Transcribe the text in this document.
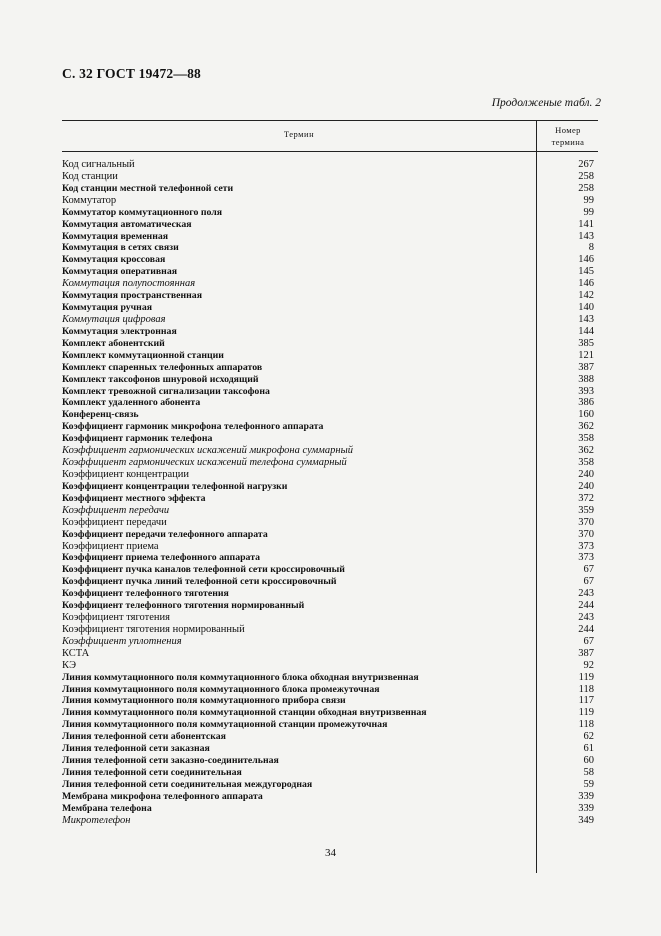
С. 32 ГОСТ 19472—88
Продолженые табл. 2
Термин	Номер
термина
Код сигнальный	267
Код станции	258
Код станции местной телефонной сети	258
Коммутатор	99
Коммутатор коммутационного поля	99
Коммутация автоматическая	141
Коммутация временная	143
Коммутация в сетях связи	8
Коммутация кроссовая	146
Коммутация оперативная	145
Коммутация полупостоянная	146
Коммутация пространственная	142
Коммутация ручная	140
Коммутация цифровая	143
Коммутация электронная	144
Комплект абонентский	385
Комплект коммутационной станции	121
Комплект спаренных телефонных аппаратов	387
Комплект таксофонов шнуровой исходящий	388
Комплект тревожной сигнализации таксофона	393
Комплект удаленного абонента	386
Конференц-связь	160
Коэффициент гармоник микрофона телефонного аппарата	362
Коэффициент гармоник телефона	358
Коэффициент гармонических искажений микрофона суммарный	362
Коэффициент гармонических искажений телефона суммарный	358
Коэффициент концентрации	240
Коэффициент концентрации телефонной нагрузки	240
Коэффициент местного эффекта	372
Коэффициент передачи	359
Коэффициент передачи	370
Коэффициент передачи телефонного аппарата	370
Коэффициент приема	373
Коэффициент приема телефонного аппарата	373
Коэффициент пучка каналов телефонной сети кроссировочный	67
Коэффициент пучка линий телефонной сети кроссировочный	67
Коэффициент телефонного тяготения	243
Коэффициент телефонного тяготения нормированный	244
Коэффициент тяготения	243
Коэффициент тяготения нормированный	244
Коэффициент уплотнения	67
КСТА	387
КЭ	92
Линия коммутационного поля коммутационного блока обходная внутризвенная	119
Линия коммутационного поля коммутационного блока промежуточная	118
Линия коммутационного поля коммутационного прибора связи	117
Линия коммутационного поля коммутационной станции обходная внутризвенная	119
Линия коммутационного поля коммутационной станции промежуточная	118
Линия телефонной сети абонентская	62
Линия телефонной сети заказная	61
Линия телефонной сети заказно-соединительная	60
Линия телефонной сети соединительная	58
Линия телефонной сети соединительная междугородная	59
Мембрана микрофона телефонного аппарата	339
Мембрана телефона	339
Микротелефон	349
34
